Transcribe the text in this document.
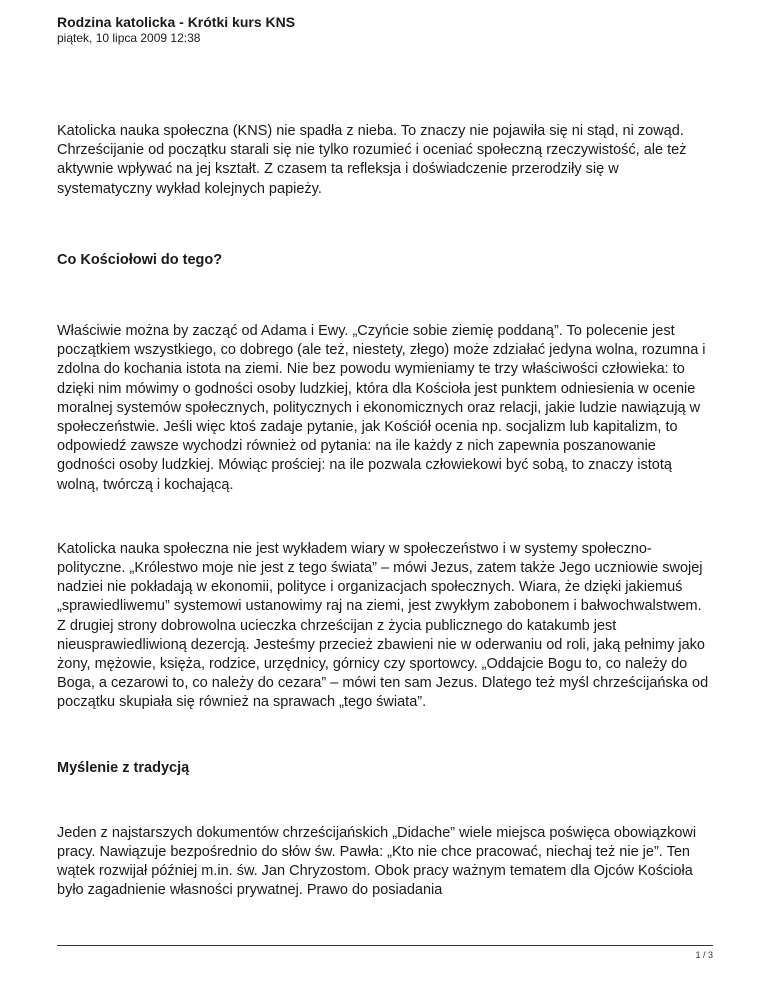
Rodzina katolicka - Krótki kurs KNS

piątek, 10 lipca 2009 12:38

Katolicka nauka społeczna (KNS) nie spadła z nieba. To znaczy nie pojawiła się ni stąd, ni zowąd. Chrześcijanie od początku starali się nie tylko rozumieć i oceniać społeczną rzeczywistość, ale też aktywnie wpływać na jej kształt. Z czasem ta refleksja i doświadczenie przerodziły się w systematyczny wykład kolejnych papieży.

Co Kościołowi do tego?

Właściwie można by zacząć od Adama i Ewy. „Czyńcie sobie ziemię poddaną”. To polecenie jest początkiem wszystkiego, co dobrego (ale też, niestety, złego) może zdziałać jedyna wolna, rozumna i zdolna do kochania istota na ziemi. Nie bez powodu wymieniamy te trzy właściwości człowieka: to dzięki nim mówimy o godności osoby ludzkiej, która dla Kościoła jest punktem odniesienia w ocenie moralnej systemów społecznych, politycznych i ekonomicznych oraz relacji, jakie ludzie nawiązują w społeczeństwie. Jeśli więc ktoś zadaje pytanie, jak Kościół ocenia np. socjalizm lub kapitalizm, to odpowiedź zawsze wychodzi również od pytania: na ile każdy z nich zapewnia poszanowanie godności osoby ludzkiej. Mówiąc prościej: na ile pozwala człowiekowi być sobą, to znaczy istotą wolną, twórczą i kochającą.

Katolicka nauka społeczna nie jest wykładem wiary w społeczeństwo i w systemy społeczno-polityczne. „Królestwo moje nie jest z tego świata” – mówi Jezus, zatem także Jego uczniowie swojej nadziei nie pokładają w ekonomii, polityce i organizacjach społecznych. Wiara, że dzięki jakiemuś „sprawiedliwemu” systemowi ustanowimy raj na ziemi, jest zwykłym zabobonem i bałwochwalstwem. Z drugiej strony dobrowolna ucieczka chrześcijan z życia publicznego do katakumb jest nieusprawiedliwioną dezercją. Jesteśmy przecież zbawieni nie w oderwaniu od roli, jaką pełnimy jako żony, mężowie, księża, rodzice, urzędnicy, górnicy czy sportowcy. „Oddajcie Bogu to, co należy do Boga, a cezarowi to, co należy do cezara” – mówi ten sam Jezus. Dlatego też myśl chrześcijańska od początku skupiała się również na sprawach „tego świata”.

Myślenie z tradycją

Jeden z najstarszych dokumentów chrześcijańskich „Didache” wiele miejsca poświęca obowiązkowi pracy. Nawiązuje bezpośrednio do słów św. Pawła: „Kto nie chce pracować, niechaj też nie je”. Ten wątek rozwijał później m.in. św. Jan Chryzostom. Obok pracy ważnym tematem dla Ojców Kościoła było zagadnienie własności prywatnej. Prawo do posiadania

1 / 3
